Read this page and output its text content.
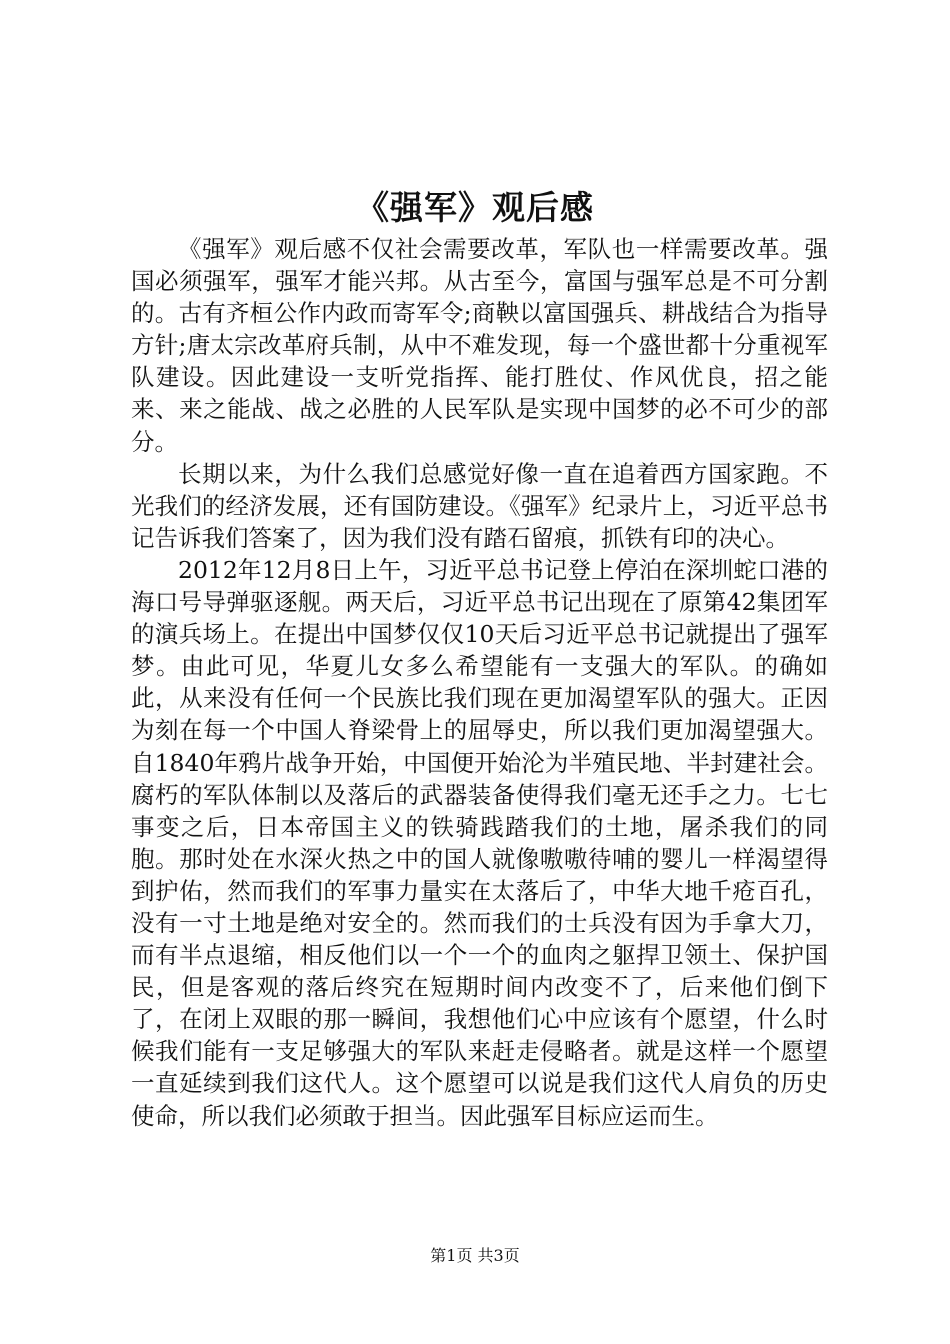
《强军》观后感

《强军》观后感不仅社会需要改革，军队也一样需要改革。强国必须强军，强军才能兴邦。从古至今，富国与强军总是不可分割的。古有齐桓公作内政而寄军令;商鞅以富国强兵、耕战结合为指导方针;唐太宗改革府兵制，从中不难发现，每一个盛世都十分重视军队建设。因此建设一支听党指挥、能打胜仗、作风优良，招之能来、来之能战、战之必胜的人民军队是实现中国梦的必不可少的部分。

长期以来，为什么我们总感觉好像一直在追着西方国家跑。不光我们的经济发展，还有国防建设。《强军》纪录片上，习近平总书记告诉我们答案了，因为我们没有踏石留痕，抓铁有印的决心。

2012年12月8日上午，习近平总书记登上停泊在深圳蛇口港的海口号导弹驱逐舰。两天后，习近平总书记出现在了原第42集团军的演兵场上。在提出中国梦仅仅10天后习近平总书记就提出了强军梦。由此可见，华夏儿女多么希望能有一支强大的军队。的确如此，从来没有任何一个民族比我们现在更加渴望军队的强大。正因为刻在每一个中国人脊梁骨上的屈辱史，所以我们更加渴望强大。自1840年鸦片战争开始，中国便开始沦为半殖民地、半封建社会。腐朽的军队体制以及落后的武器装备使得我们毫无还手之力。七七事变之后，日本帝国主义的铁骑践踏我们的土地，屠杀我们的同胞。那时处在水深火热之中的国人就像嗷嗷待哺的婴儿一样渴望得到护佑，然而我们的军事力量实在太落后了，中华大地千疮百孔，没有一寸土地是绝对安全的。然而我们的士兵没有因为手拿大刀，而有半点退缩，相反他们以一个一个的血肉之躯捍卫领土、保护国民，但是客观的落后终究在短期时间内改变不了，后来他们倒下了，在闭上双眼的那一瞬间，我想他们心中应该有个愿望，什么时候我们能有一支足够强大的军队来赶走侵略者。就是这样一个愿望一直延续到我们这代人。这个愿望可以说是我们这代人肩负的历史使命，所以我们必须敢于担当。因此强军目标应运而生。

第1页 共3页
